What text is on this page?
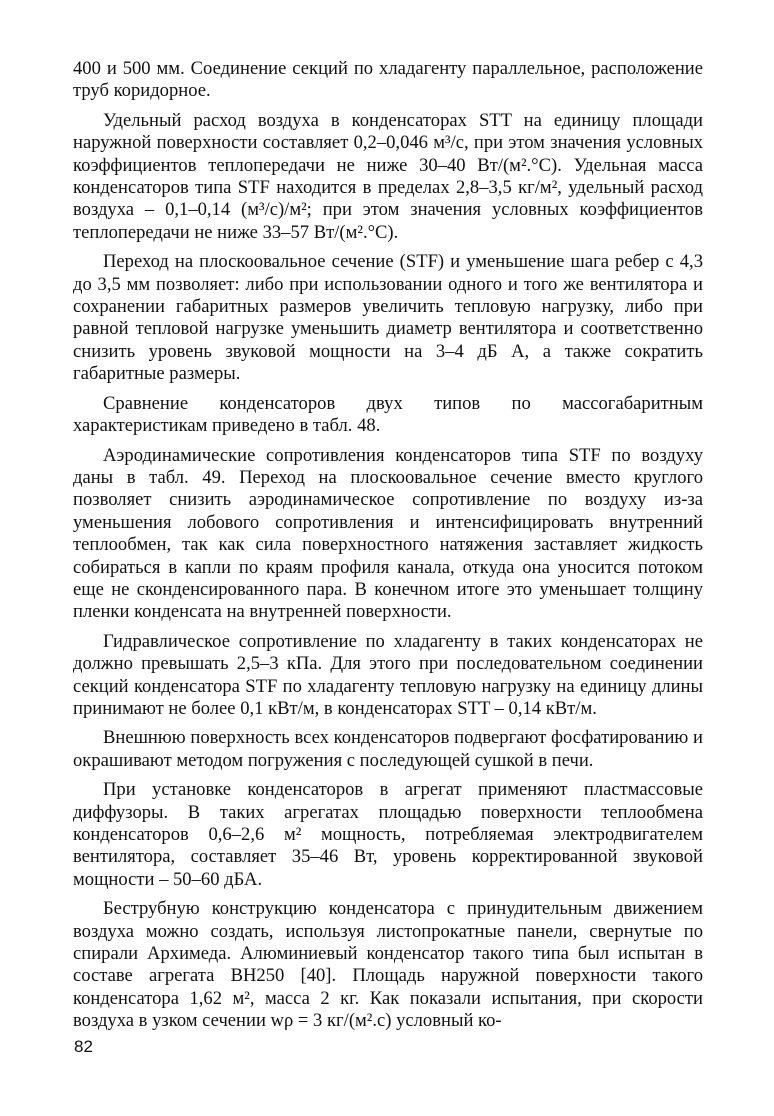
400 и 500 мм. Соединение секций по хладагенту параллельное, расположение труб коридорное.

Удельный расход воздуха в конденсаторах STT на единицу площади наружной поверхности составляет 0,2–0,046 м³/с, при этом значения условных коэффициентов теплопередачи не ниже 30–40 Вт/(м².°С). Удельная масса конденсаторов типа STF находится в пределах 2,8–3,5 кг/м², удельный расход воздуха – 0,1–0,14 (м³/с)/м²; при этом значения условных коэффициентов теплопередачи не ниже 33–57 Вт/(м².°С).

Переход на плоскоовальное сечение (STF) и уменьшение шага ребер с 4,3 до 3,5 мм позволяет: либо при использовании одного и того же вентилятора и сохранении габаритных размеров увеличить тепловую нагрузку, либо при равной тепловой нагрузке уменьшить диаметр вентилятора и соответственно снизить уровень звуковой мощности на 3–4 дБ А, а также сократить габаритные размеры.

Сравнение конденсаторов двух типов по массогабаритным характеристикам приведено в табл. 48.

Аэродинамические сопротивления конденсаторов типа STF по воздуху даны в табл. 49. Переход на плоскоовальное сечение вместо круглого позволяет снизить аэродинамическое сопротивление по воздуху из-за уменьшения лобового сопротивления и интенсифицировать внутренний теплообмен, так как сила поверхностного натяжения заставляет жидкость собираться в капли по краям профиля канала, откуда она уносится потоком еще не сконденсированного пара. В конечном итоге это уменьшает толщину пленки конденсата на внутренней поверхности.

Гидравлическое сопротивление по хладагенту в таких конденсаторах не должно превышать 2,5–3 кПа. Для этого при последовательном соединении секций конденсатора STF по хладагенту тепловую нагрузку на единицу длины принимают не более 0,1 кВт/м, в конденсаторах STT – 0,14 кВт/м.

Внешнюю поверхность всех конденсаторов подвергают фосфатированию и окрашивают методом погружения с последующей сушкой в печи.

При установке конденсаторов в агрегат применяют пластмассовые диффузоры. В таких агрегатах площадью поверхности теплообмена конденсаторов 0,6–2,6 м² мощность, потребляемая электродвигателем вентилятора, составляет 35–46 Вт, уровень корректированной звуковой мощности – 50–60 дБА.

Беструбную конструкцию конденсатора с принудительным движением воздуха можно создать, используя листопрокатные панели, свернутые по спирали Архимеда. Алюминиевый конденсатор такого типа был испытан в составе агрегата ВН250 [40]. Площадь наружной поверхности такого конденсатора 1,62 м², масса 2 кг. Как показали испытания, при скорости воздуха в узком сечении wρ = 3 кг/(м².с) условный ко-

82
